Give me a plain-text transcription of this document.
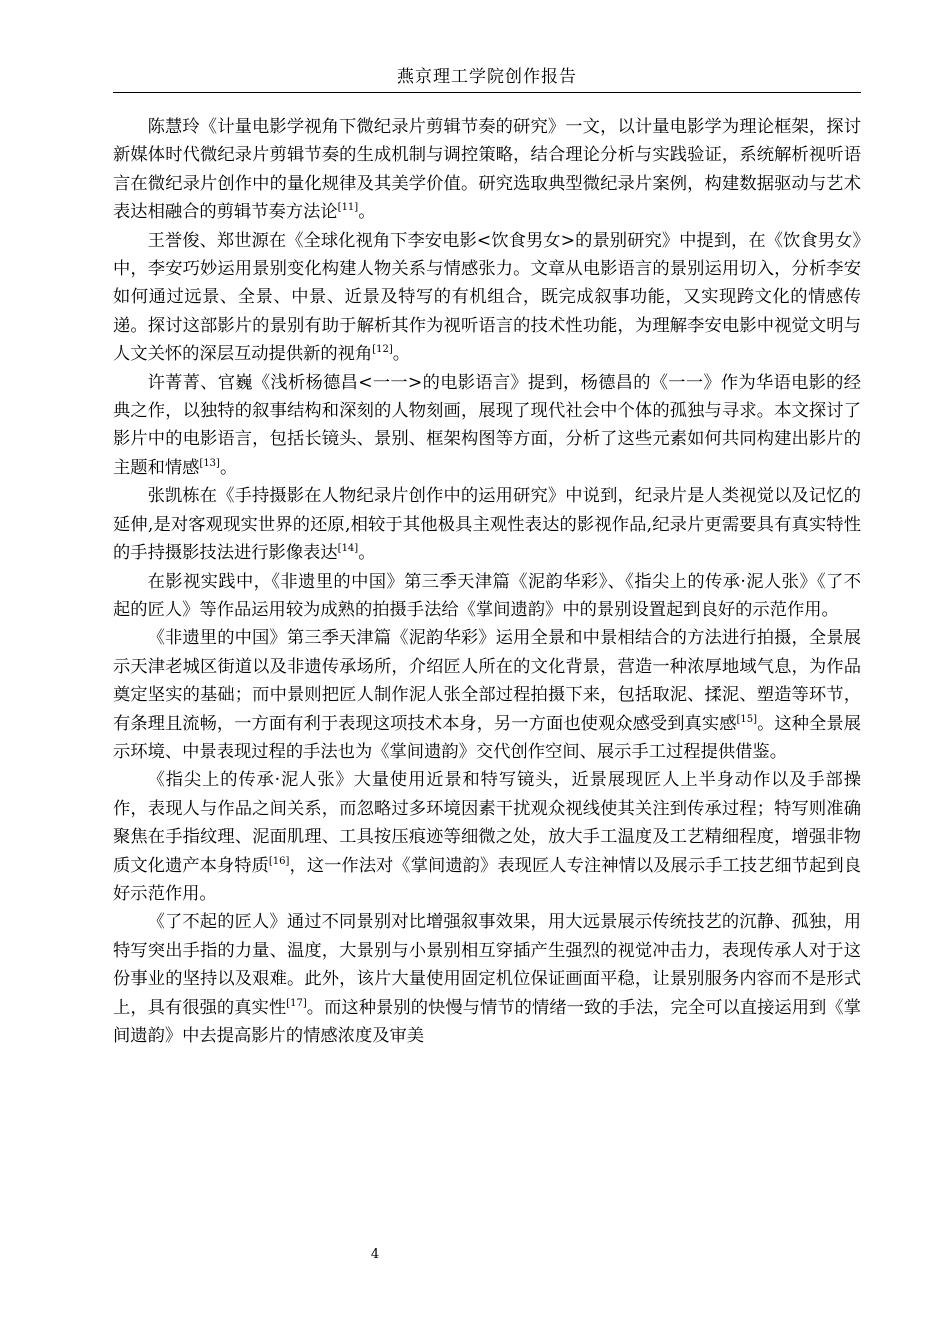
燕京理工学院创作报告

陈慧玲《计量电影学视角下微纪录片剪辑节奏的研究》一文，以计量电影学为理论框架，探讨新媒体时代微纪录片剪辑节奏的生成机制与调控策略，结合理论分析与实践验证，系统解析视听语言在微纪录片创作中的量化规律及其美学价值。研究选取典型微纪录片案例，构建数据驱动与艺术表达相融合的剪辑节奏方法论[11]。

王誉俊、郑世源在《全球化视角下李安电影<饮食男女>的景别研究》中提到，在《饮食男女》中，李安巧妙运用景别变化构建人物关系与情感张力。文章从电影语言的景别运用切入，分析李安如何通过远景、全景、中景、近景及特写的有机组合，既完成叙事功能，又实现跨文化的情感传递。探讨这部影片的景别有助于解析其作为视听语言的技术性功能，为理解李安电影中视觉文明与人文关怀的深层互动提供新的视角[12]。

许菁菁、官巍《浅析杨德昌<一一>的电影语言》提到，杨德昌的《一一》作为华语电影的经典之作，以独特的叙事结构和深刻的人物刻画，展现了现代社会中个体的孤独与寻求。本文探讨了影片中的电影语言，包括长镜头、景别、框架构图等方面，分析了这些元素如何共同构建出影片的主题和情感[13]。

张凯栋在《手持摄影在人物纪录片创作中的运用研究》中说到，纪录片是人类视觉以及记忆的延伸,是对客观现实世界的还原,相较于其他极具主观性表达的影视作品,纪录片更需要具有真实特性的手持摄影技法进行影像表达[14]。

在影视实践中，《非遗里的中国》第三季天津篇《泥韵华彩》、《指尖上的传承·泥人张》《了不起的匠人》等作品运用较为成熟的拍摄手法给《掌间遗韵》中的景别设置起到良好的示范作用。

《非遗里的中国》第三季天津篇《泥韵华彩》运用全景和中景相结合的方法进行拍摄，全景展示天津老城区街道以及非遗传承场所，介绍匠人所在的文化背景，营造一种浓厚地域气息，为作品奠定坚实的基础；而中景则把匠人制作泥人张全部过程拍摄下来，包括取泥、揉泥、塑造等环节，有条理且流畅，一方面有利于表现这项技术本身，另一方面也使观众感受到真实感[15]。这种全景展示环境、中景表现过程的手法也为《掌间遗韵》交代创作空间、展示手工过程提供借鉴。

《指尖上的传承·泥人张》大量使用近景和特写镜头，近景展现匠人上半身动作以及手部操作，表现人与作品之间关系，而忽略过多环境因素干扰观众视线使其关注到传承过程；特写则准确聚焦在手指纹理、泥面肌理、工具按压痕迹等细微之处，放大手工温度及工艺精细程度，增强非物质文化遗产本身特质[16]，这一作法对《掌间遗韵》表现匠人专注神情以及展示手工技艺细节起到良好示范作用。

《了不起的匠人》通过不同景别对比增强叙事效果，用大远景展示传统技艺的沉静、孤独，用特写突出手指的力量、温度，大景别与小景别相互穿插产生强烈的视觉冲击力，表现传承人对于这份事业的坚持以及艰难。此外，该片大量使用固定机位保证画面平稳，让景别服务内容而不是形式上，具有很强的真实性[17]。而这种景别的快慢与情节的情绪一致的手法，完全可以直接运用到《掌间遗韵》中去提高影片的情感浓度及审美

4
